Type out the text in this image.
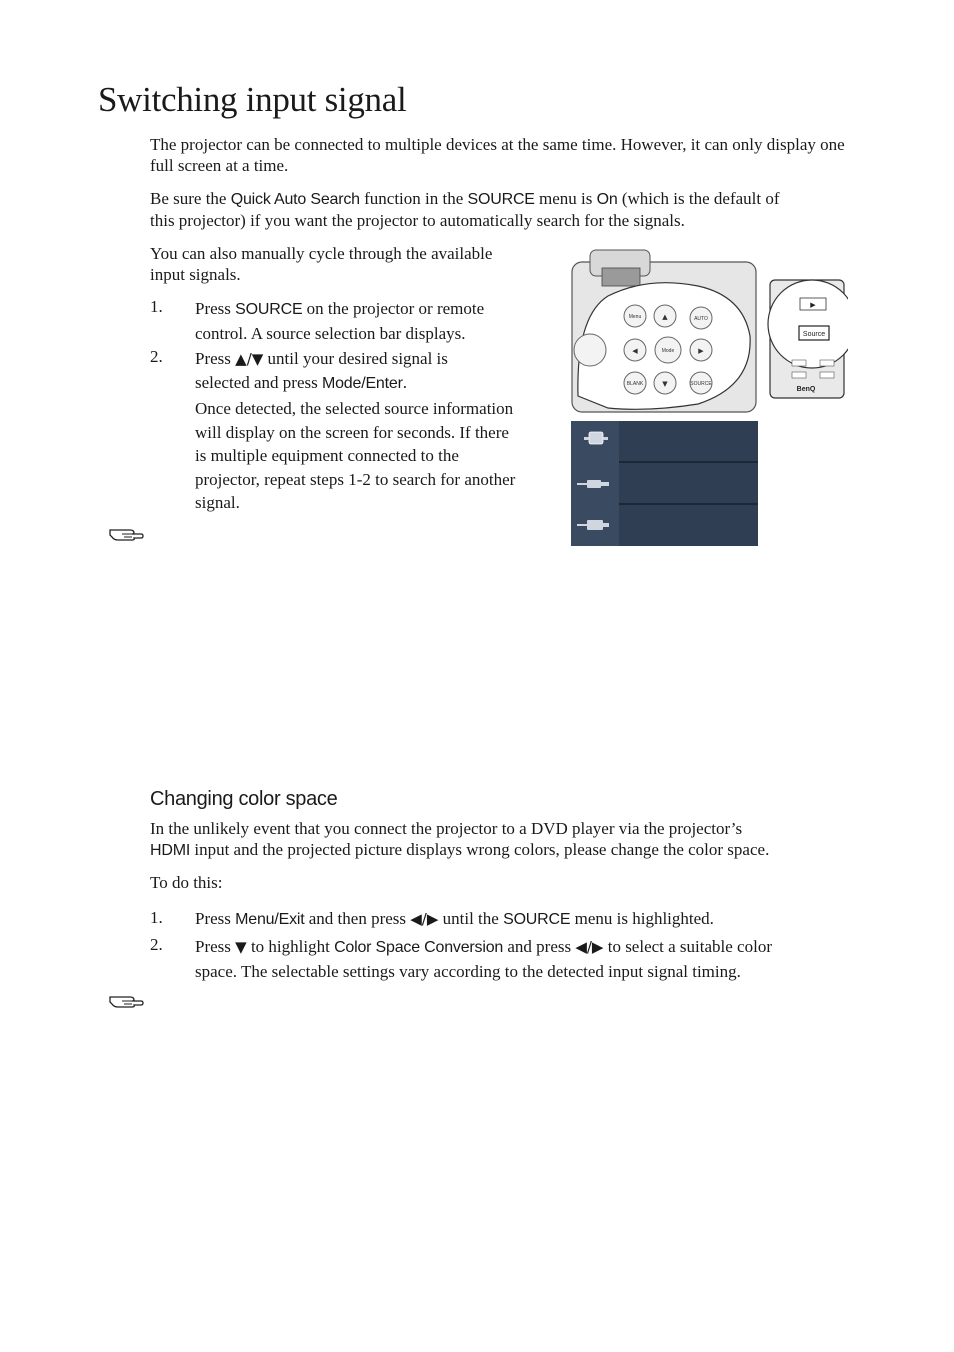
Switching input signal

The projector can be connected to multiple devices at the same time. However, it can only display one full screen at a time.

Be sure the Quick Auto Search function in the SOURCE menu is On (which is the default of
this projector) if you want the projector to automatically search for the signals.
You can also manually cycle through the available
input signals.
1. Press SOURCE on the projector or remote
control. A source selection bar displays.
2. Press ▲/▼ until your desired signal is
selected and press Mode/Enter.
Once detected, the selected source information
will display on the screen for seconds. If there
is multiple equipment connected to the
projector, repeat steps 1-2 to search for another
signal.
Menu
Mode
AUTO
BLANK	SOURCE
▲
▼
◀	▶
▶
Source
BenQ
Changing color space
In the unlikely event that you connect the projector to a DVD player via the projector’s
HDMI input and the projected picture displays wrong colors, please change the color space.

To do this:

1. Press Menu/Exit and then press ◀/▶ until the SOURCE menu is highlighted.
2. Press ▼ to highlight Color Space Conversion and press ◀/▶ to select a suitable color
space. The selectable settings vary according to the detected input signal timing.
